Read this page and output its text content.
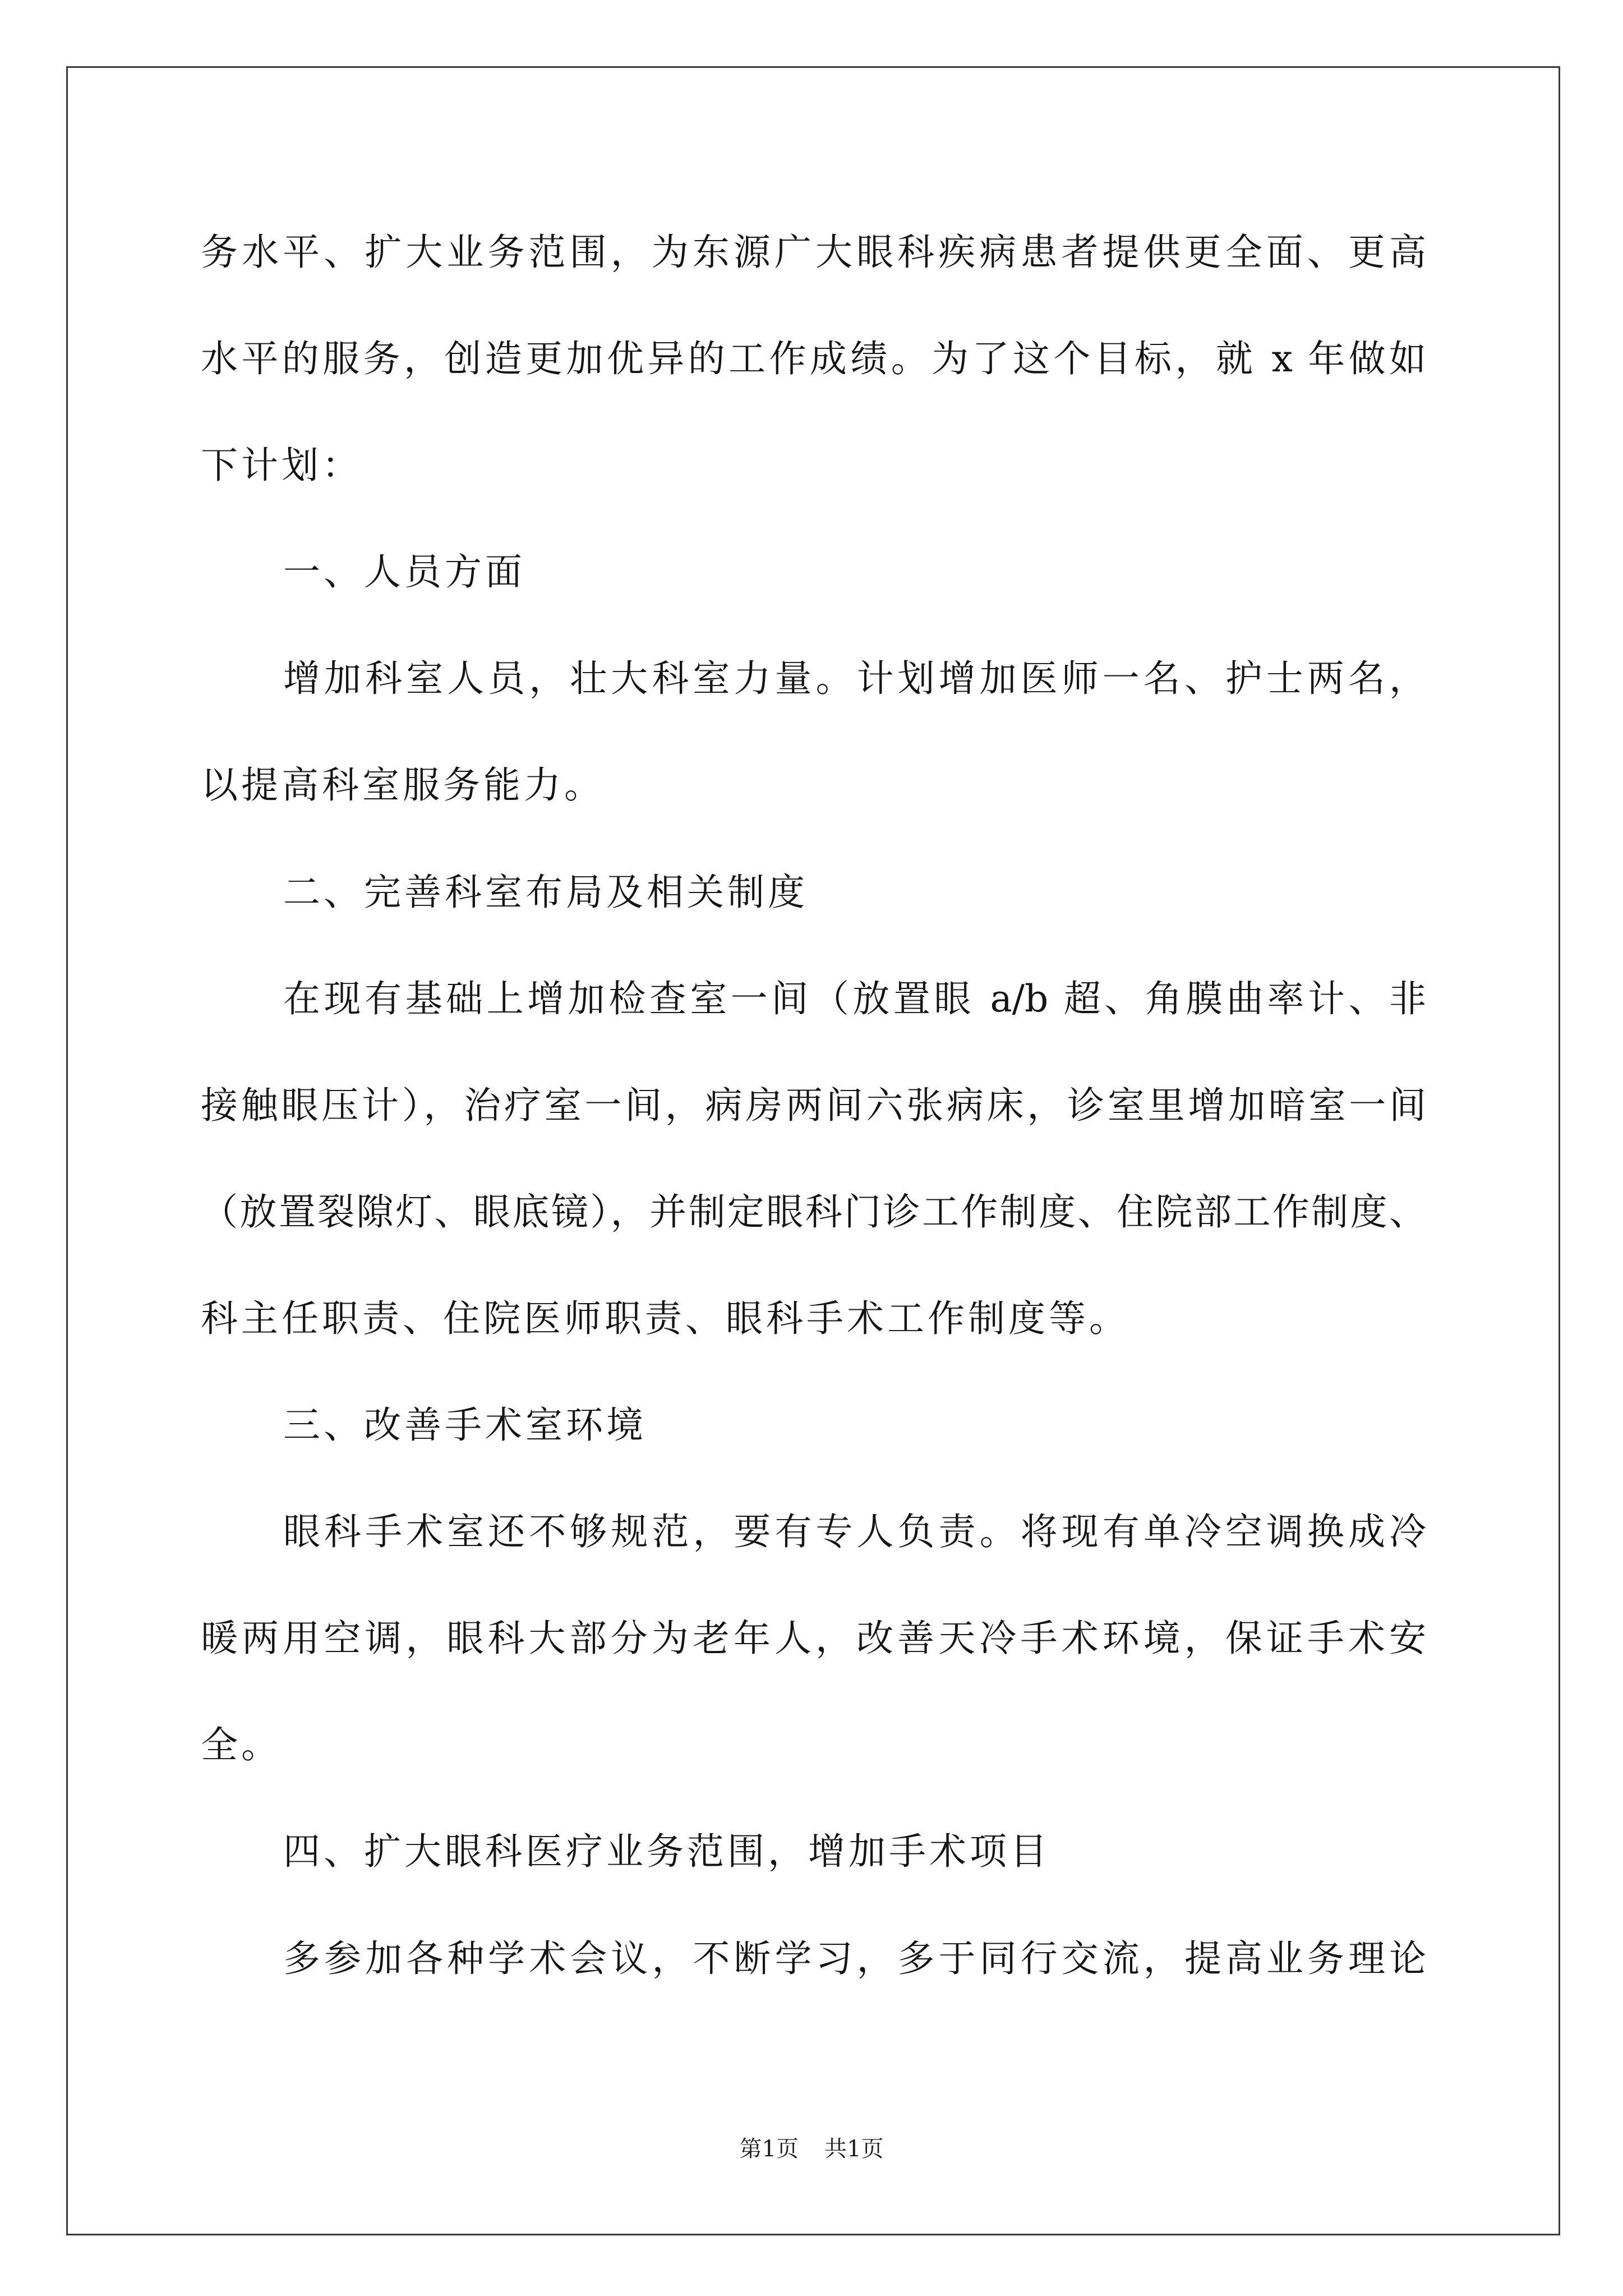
务水平、扩大业务范围，为东源广大眼科疾病患者提供更全面、更高
水平的服务，创造更加优异的工作成绩。为了这个目标，就 x 年做如
下计划：
一、人员方面
增加科室人员，壮大科室力量。计划增加医师一名、护士两名，
以提高科室服务能力。
二、完善科室布局及相关制度
在现有基础上增加检查室一间（放置眼 a/b 超、角膜曲率计、非
接触眼压计），治疗室一间，病房两间六张病床，诊室里增加暗室一间
（放置裂隙灯、眼底镜），并制定眼科门诊工作制度、住院部工作制度、
科主任职责、住院医师职责、眼科手术工作制度等。
三、改善手术室环境
眼科手术室还不够规范，要有专人负责。将现有单冷空调换成冷
暖两用空调，眼科大部分为老年人，改善天冷手术环境，保证手术安
全。
四、扩大眼科医疗业务范围，增加手术项目
多参加各种学术会议，不断学习，多于同行交流，提高业务理论
第1页 共1页
